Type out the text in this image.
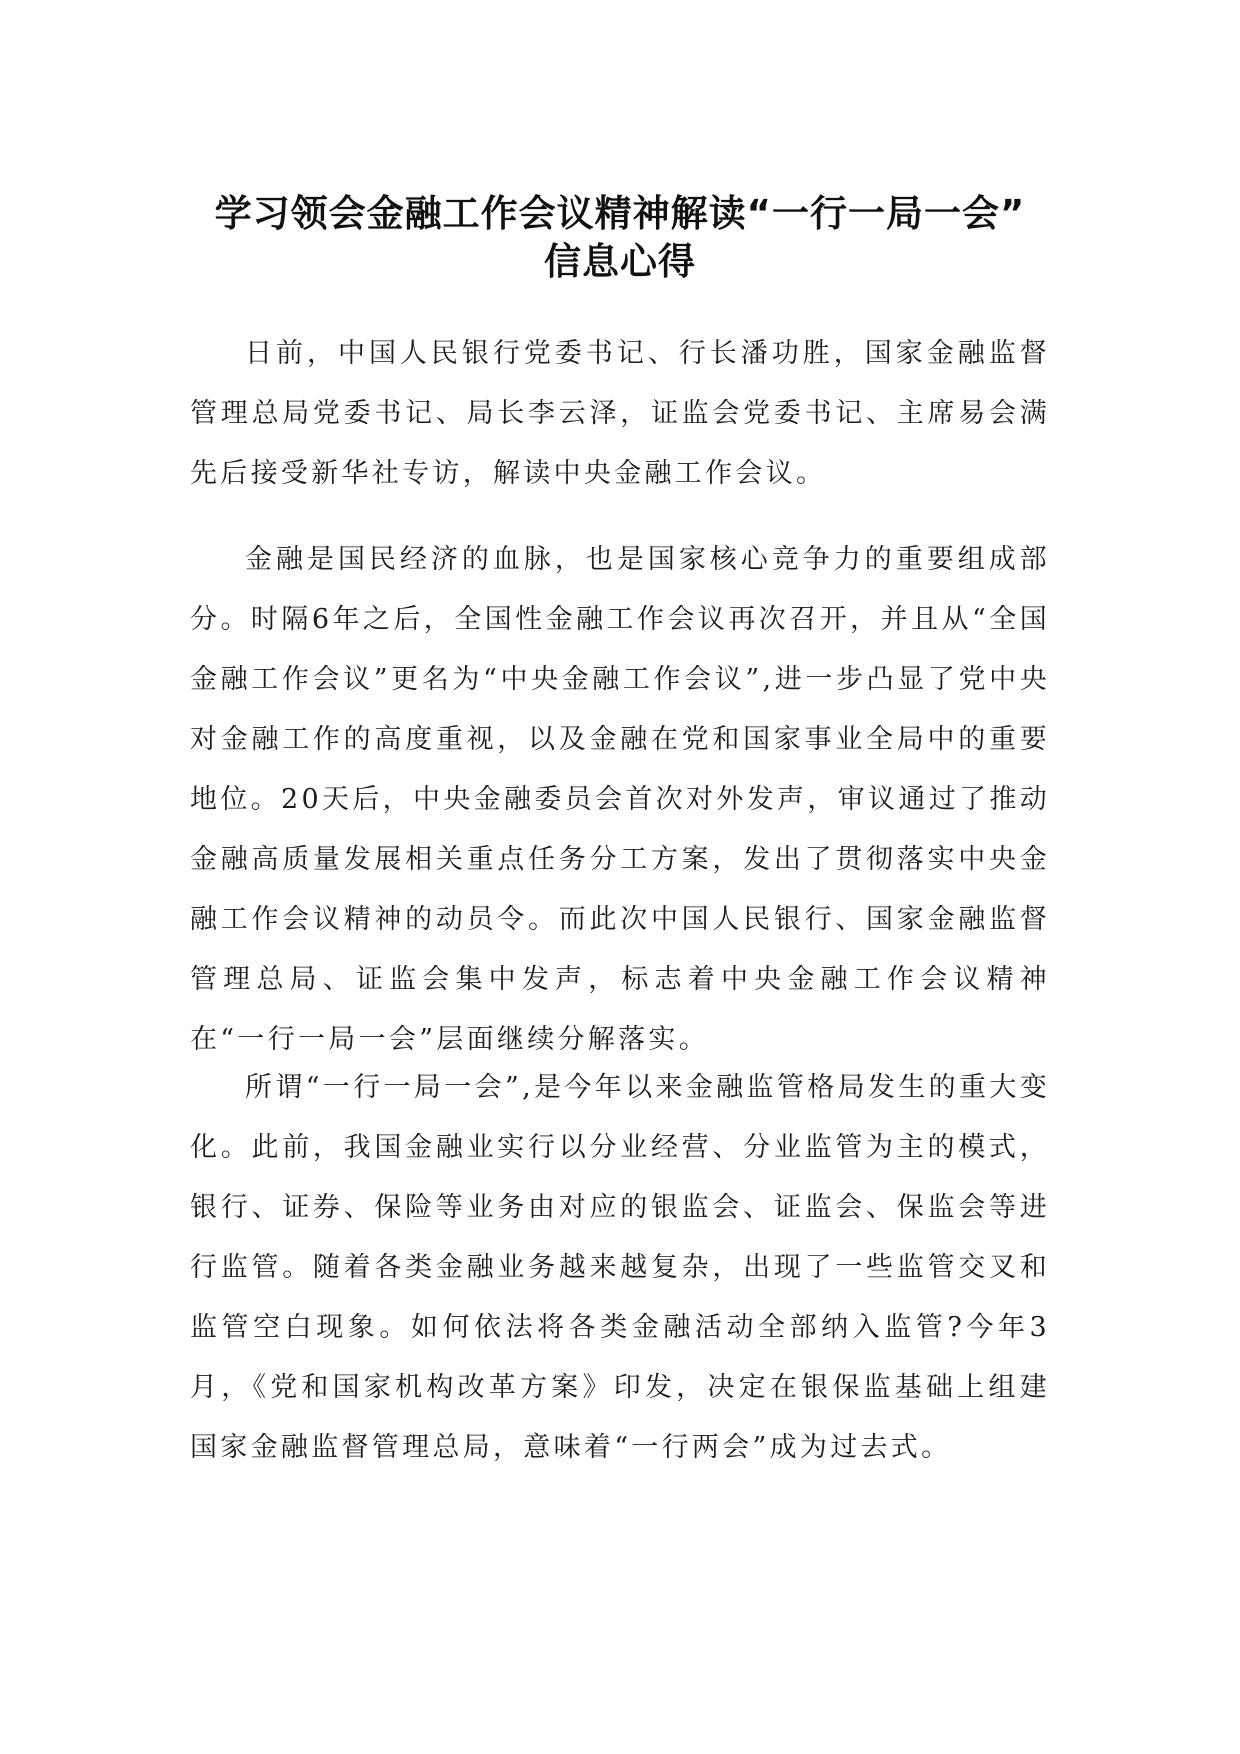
学习领会金融工作会议精神解读“一行一局一会”
信息心得

日前，中国人民银行党委书记、行长潘功胜，国家金融监督管理总局党委书记、局长李云泽，证监会党委书记、主席易会满先后接受新华社专访，解读中央金融工作会议。

金融是国民经济的血脉，也是国家核心竞争力的重要组成部分。时隔6年之后，全国性金融工作会议再次召开，并且从“全国金融工作会议”更名为“中央金融工作会议”,进一步凸显了党中央对金融工作的高度重视，以及金融在党和国家事业全局中的重要地位。20天后，中央金融委员会首次对外发声，审议通过了推动金融高质量发展相关重点任务分工方案，发出了贯彻落实中央金融工作会议精神的动员令。而此次中国人民银行、国家金融监督管理总局、证监会集中发声，标志着中央金融工作会议精神在“一行一局一会”层面继续分解落实。

所谓“一行一局一会”,是今年以来金融监管格局发生的重大变化。此前，我国金融业实行以分业经营、分业监管为主的模式，银行、证券、保险等业务由对应的银监会、证监会、保监会等进行监管。随着各类金融业务越来越复杂，出现了一些监管交叉和监管空白现象。如何依法将各类金融活动全部纳入监管?今年3月，《党和国家机构改革方案》印发，决定在银保监基础上组建国家金融监督管理总局，意味着“一行两会”成为过去式。
